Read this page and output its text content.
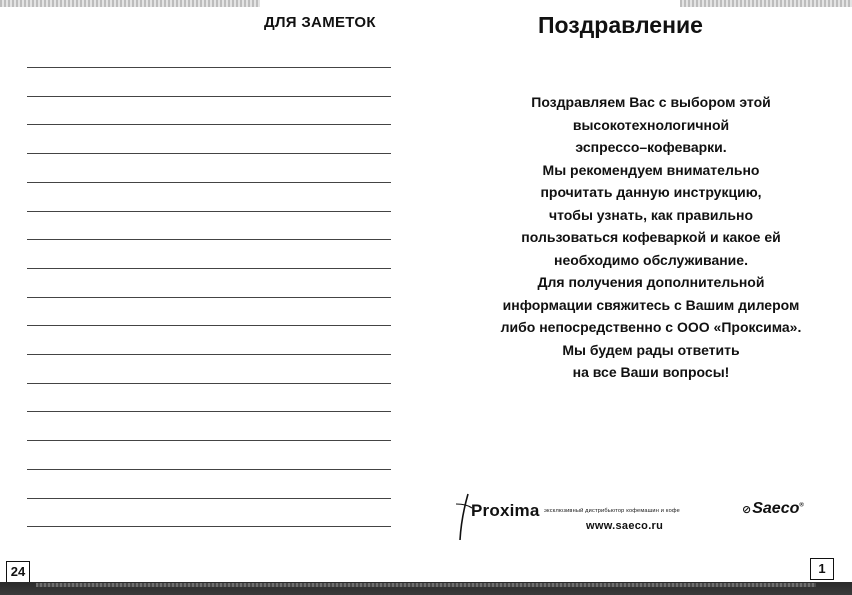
ДЛЯ ЗАМЕТОК	Поздравление
Поздравляем Вас с выбором этой
высокотехнологичной
эспрессо–кофеварки.
Мы рекомендуем внимательно
прочитать данную инструкцию,
чтобы узнать, как правильно
пользоваться кофеваркой и какое ей
необходимо обслуживание.
Для получения дополнительной
информации свяжитесь с Вашим дилером
либо непосредственно с ООО «Проксима».
Мы будем рады ответить
на все Ваши вопросы!
Proxima эксклюзивный дистрибьютор кофемашин и кофе	⊘Saeco®
www.saeco.ru
24	1
